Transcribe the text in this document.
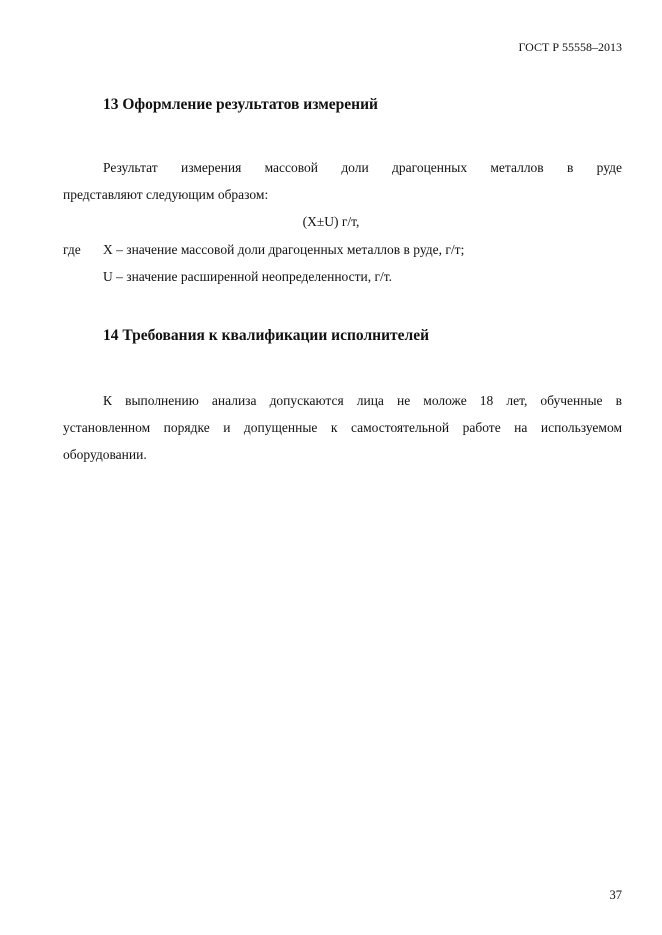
ГОСТ Р 55558–2013
13 Оформление результатов измерений
Результат измерения массовой доли драгоценных металлов в руде
представляют следующим образом:
(X±U) г/т,
где X – значение массовой доли драгоценных металлов в руде, г/т;
U – значение расширенной неопределенности, г/т.
14 Требования к квалификации исполнителей
К выполнению анализа допускаются лица не моложе 18 лет, обученные в
установленном порядке и допущенные к самостоятельной работе на используемом
оборудовании.
37
